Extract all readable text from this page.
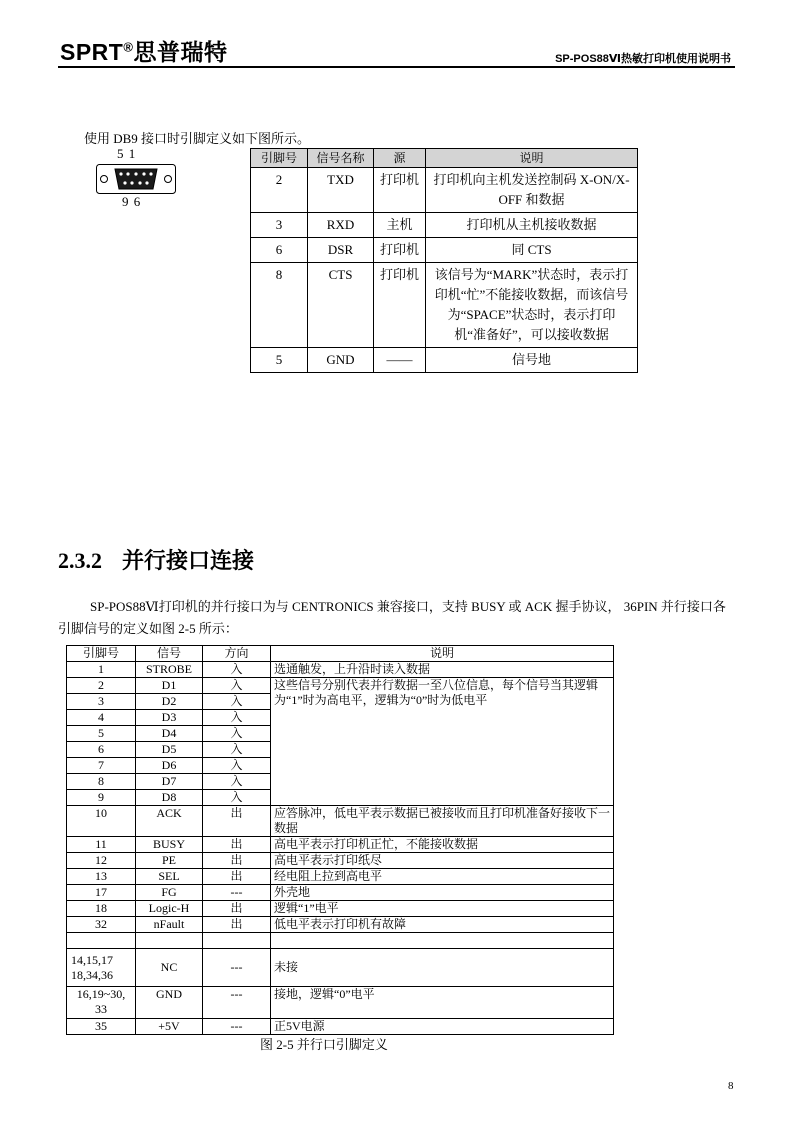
SPRT®思普瑞特	SP-POS88Ⅵ热敏打印机使用说明书
使用 DB9 接口时引脚定义如下图所示。
5 1
9 6
引脚号	信号名称	源	说明
2	TXD	打印机	打印机向主机发送控制码 X-ON/X-OFF 和数据
3	RXD	主机	打印机从主机接收数据
6	DSR	打印机	同 CTS
8	CTS	打印机	该信号为“MARK”状态时，表示打印机“忙”不能接收数据，而该信号为“SPACE”状态时，表示打印机“准备好”，可以接收数据
5	GND	——	信号地
2.3.2 并行接口连接
SP-POS88Ⅵ打印机的并行接口为与 CENTRONICS 兼容接口，支持 BUSY 或 ACK 握手协议， 36PIN 并行接口各引脚信号的定义如图 2-5 所示：
引脚号	信号	方向	说明
1	STROBE	入	选通触发，上升沿时读入数据
2	D1	入	这些信号分别代表并行数据一至八位信息，每个信号当其逻辑为“1”时为高电平，逻辑为“0”时为低电平
3	D2	入	
4	D3	入	
5	D4	入	
6	D5	入	
7	D6	入	
8	D7	入	
9	D8	入	
10	ACK	出	应答脉冲，低电平表示数据已被接收而且打印机准备好接收下一数据
11	BUSY	出	高电平表示打印机正忙，不能接收数据
12	PE	出	高电平表示打印纸尽
13	SEL	出	经电阻上拉到高电平
17	FG	---	外壳地
18	Logic-H	出	逻辑“1”电平
32	nFault	出	低电平表示打印机有故障

14,15,17 18,34,36	NC	---	未接
16,19~30, 33	GND	---	接地，逻辑“0”电平
35	+5V	---	正5V电源
图 2-5 并行口引脚定义
8
